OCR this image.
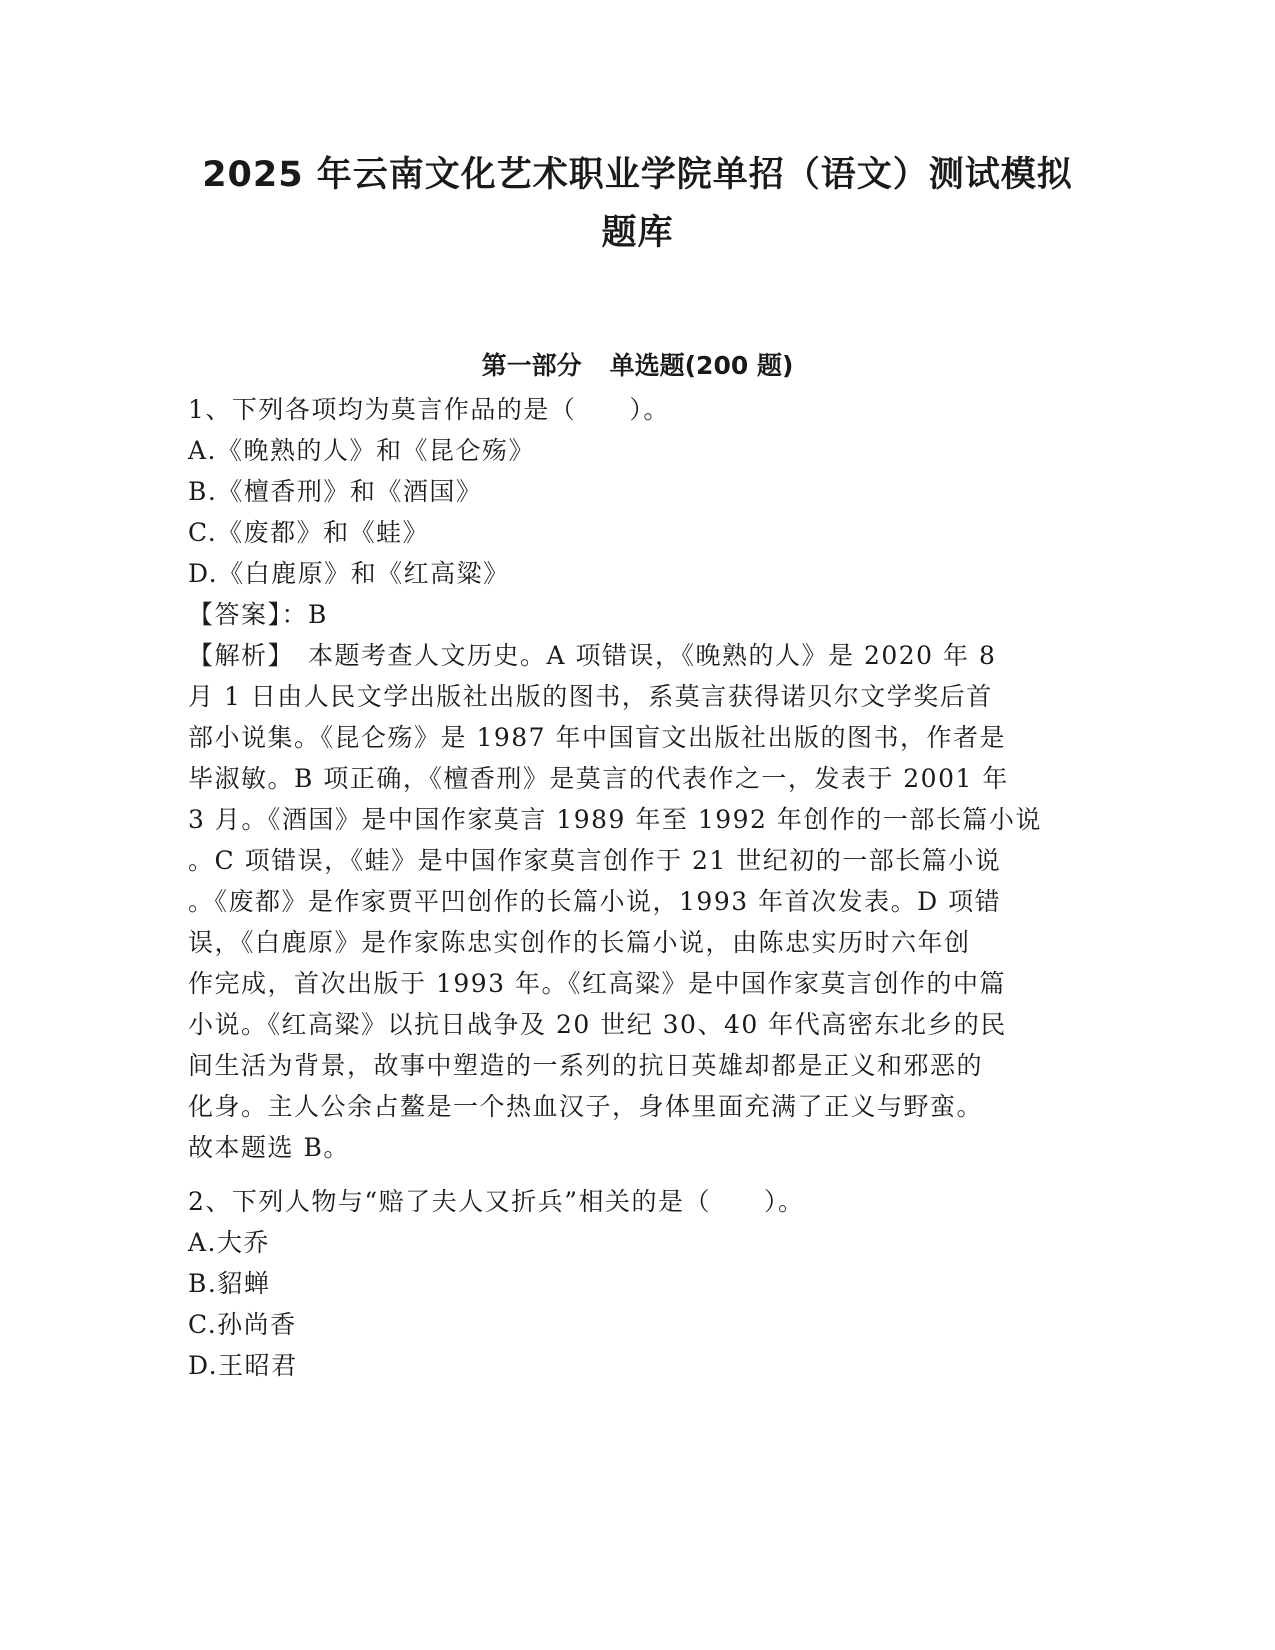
2025 年云南文化艺术职业学院单招（语文）测试模拟
题库
第一部分 单选题(200 题)
1、下列各项均为莫言作品的是（　　）。
A.《晚熟的人》和《昆仑殇》
B.《檀香刑》和《酒国》
C.《废都》和《蛙》
D.《白鹿原》和《红高粱》
【答案】：B
【解析】　本题考查人文历史。A 项错误，《晚熟的人》是 2020 年 8
月 1 日由人民文学出版社出版的图书，系莫言获得诺贝尔文学奖后首
部小说集。《昆仑殇》是 1987 年中国盲文出版社出版的图书，作者是
毕淑敏。B 项正确，《檀香刑》是莫言的代表作之一，发表于 2001 年
3 月。《酒国》是中国作家莫言 1989 年至 1992 年创作的一部长篇小说
。C 项错误，《蛙》是中国作家莫言创作于 21 世纪初的一部长篇小说
。《废都》是作家贾平凹创作的长篇小说，1993 年首次发表。D 项错
误，《白鹿原》是作家陈忠实创作的长篇小说，由陈忠实历时六年创
作完成，首次出版于 1993 年。《红高粱》是中国作家莫言创作的中篇
小说。《红高粱》以抗日战争及 20 世纪 30、40 年代高密东北乡的民
间生活为背景，故事中塑造的一系列的抗日英雄却都是正义和邪恶的
化身。主人公余占鳌是一个热血汉子，身体里面充满了正义与野蛮。
故本题选 B。
2、下列人物与“赔了夫人又折兵”相关的是（　　）。
A.大乔
B.貂蝉
C.孙尚香
D.王昭君
